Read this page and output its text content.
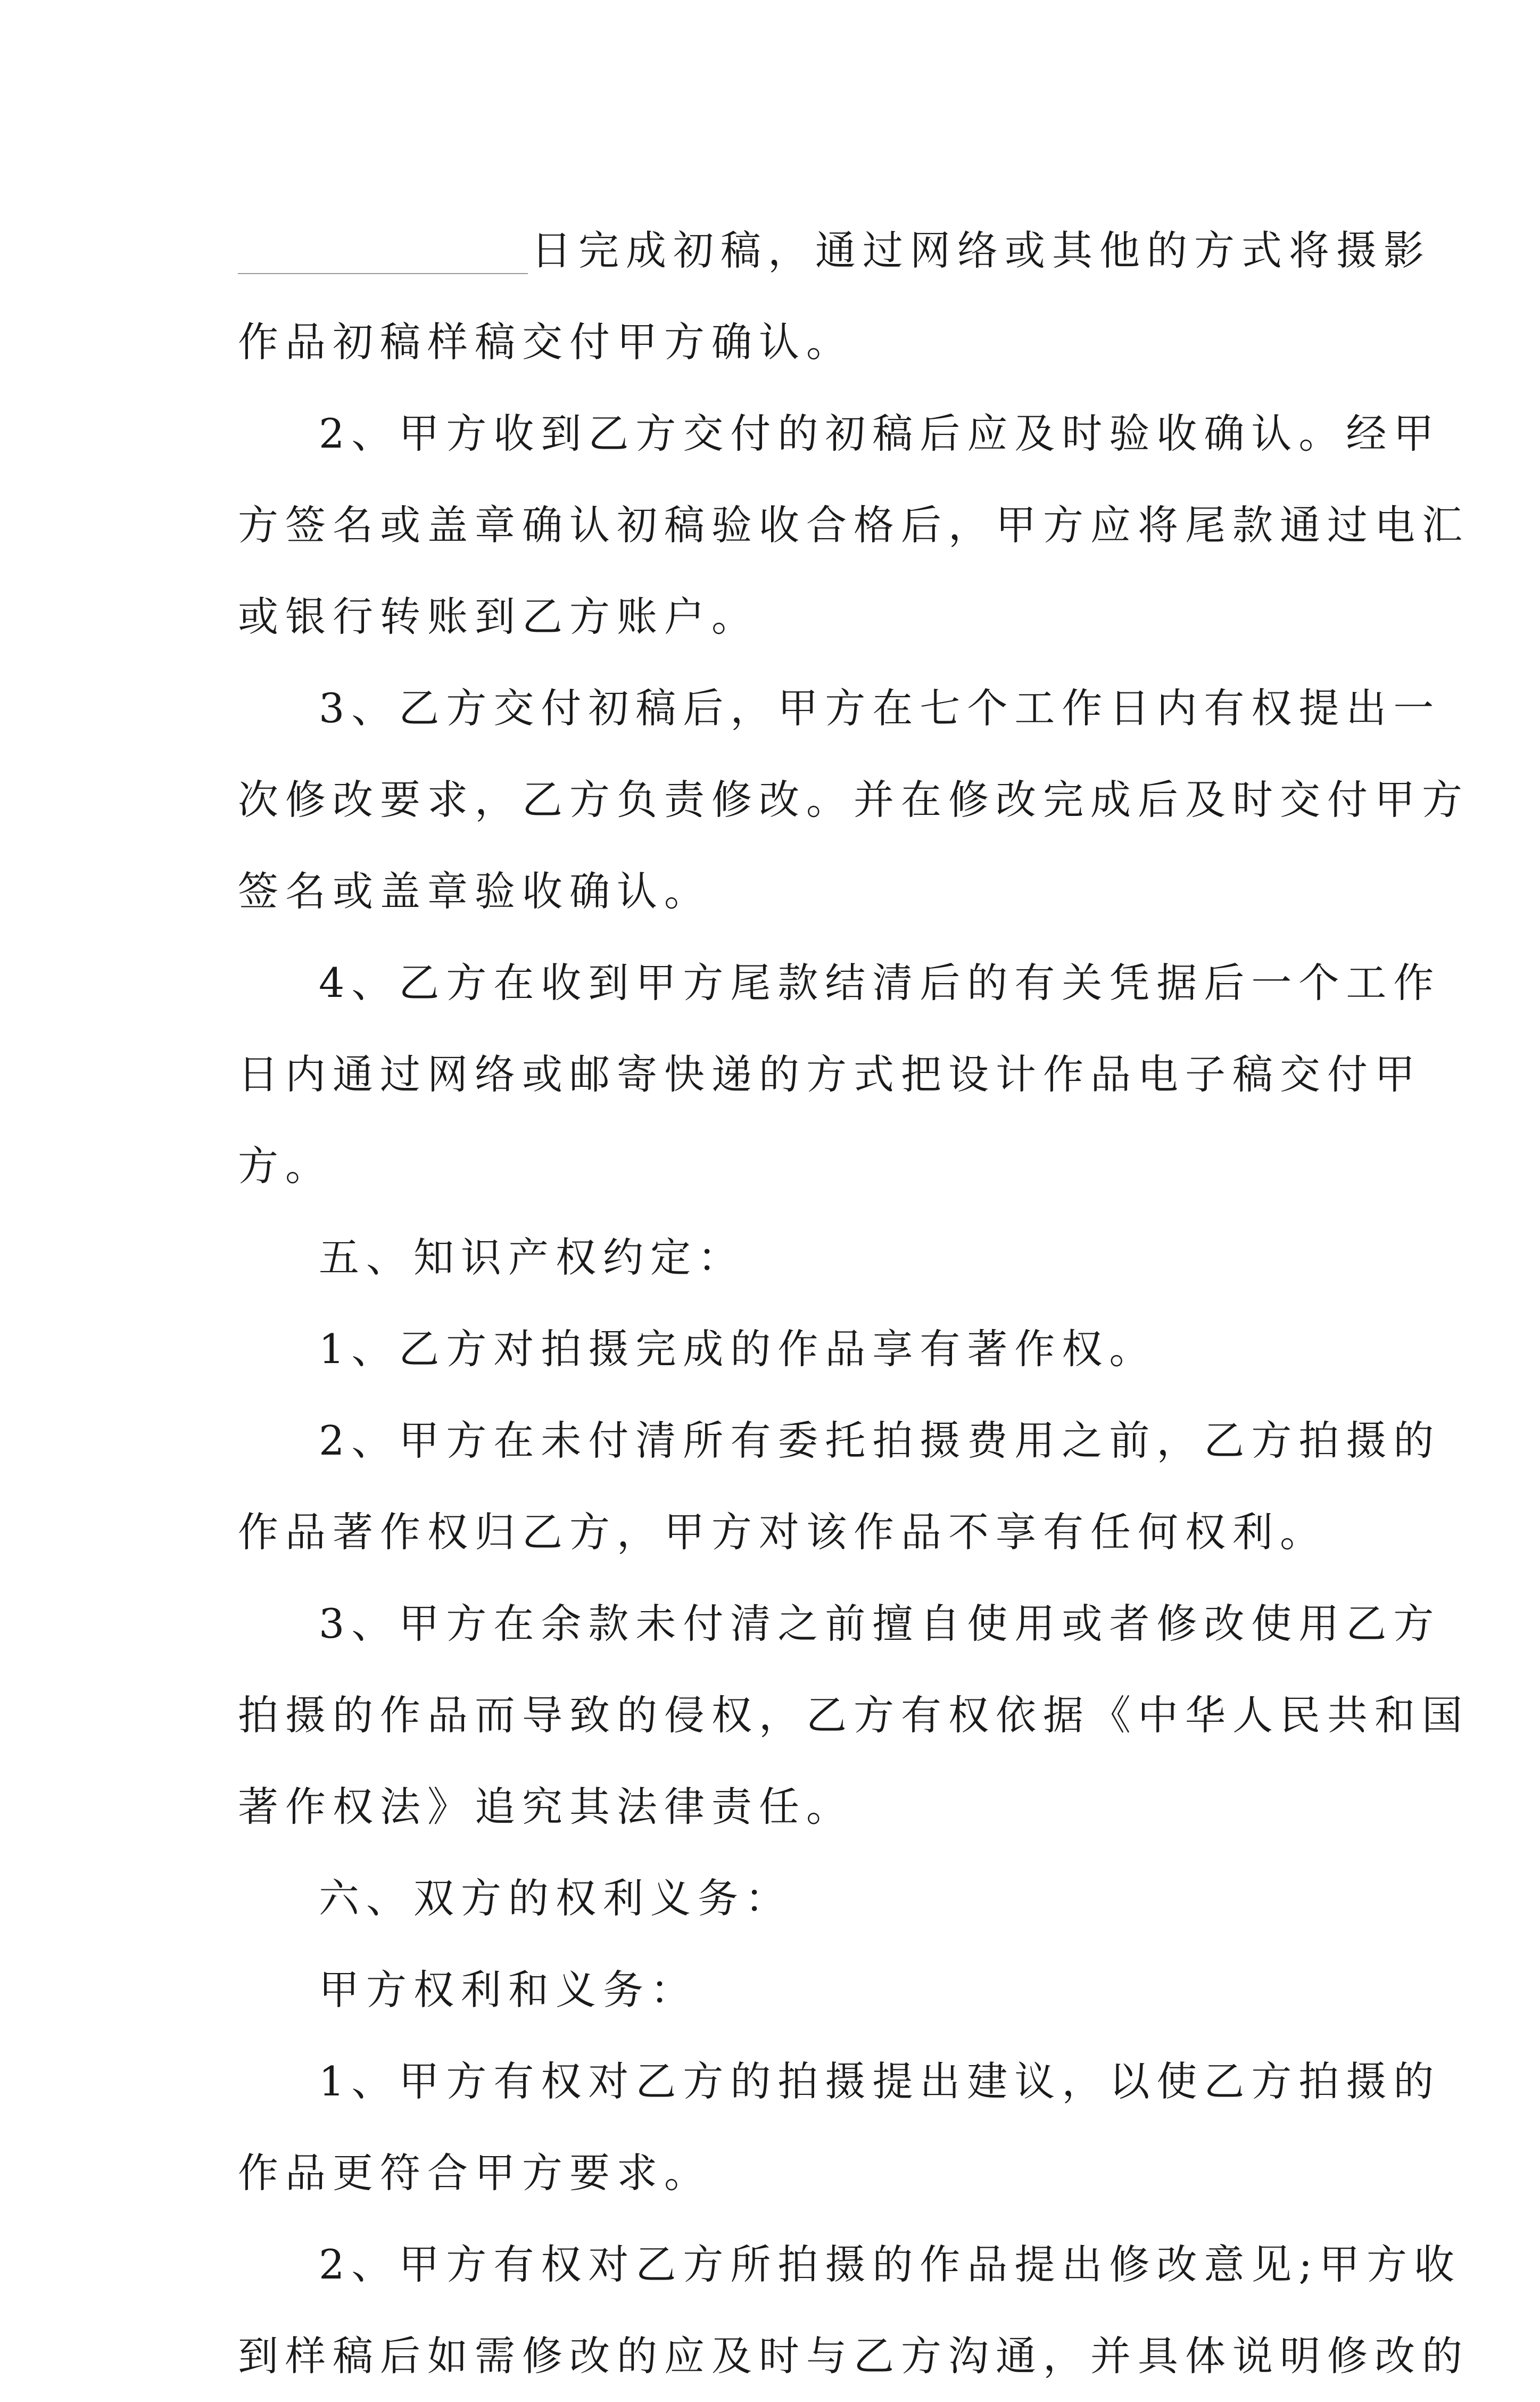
日完成初稿，通过网络或其他的方式将摄影
作品初稿样稿交付甲方确认。
2、甲方收到乙方交付的初稿后应及时验收确认。经甲
方签名或盖章确认初稿验收合格后，甲方应将尾款通过电汇
或银行转账到乙方账户。
3、乙方交付初稿后，甲方在七个工作日内有权提出一
次修改要求，乙方负责修改。并在修改完成后及时交付甲方
签名或盖章验收确认。
4、乙方在收到甲方尾款结清后的有关凭据后一个工作
日内通过网络或邮寄快递的方式把设计作品电子稿交付甲
方。
五、知识产权约定：
1、乙方对拍摄完成的作品享有著作权。
2、甲方在未付清所有委托拍摄费用之前，乙方拍摄的
作品著作权归乙方，甲方对该作品不享有任何权利。
3、甲方在余款未付清之前擅自使用或者修改使用乙方
拍摄的作品而导致的侵权，乙方有权依据《中华人民共和国
著作权法》追究其法律责任。
六、双方的权利义务：
甲方权利和义务：
1、甲方有权对乙方的拍摄提出建议，以使乙方拍摄的
作品更符合甲方要求。
2、甲方有权对乙方所拍摄的作品提出修改意见;甲方收
到样稿后如需修改的应及时与乙方沟通，并具体说明修改的
